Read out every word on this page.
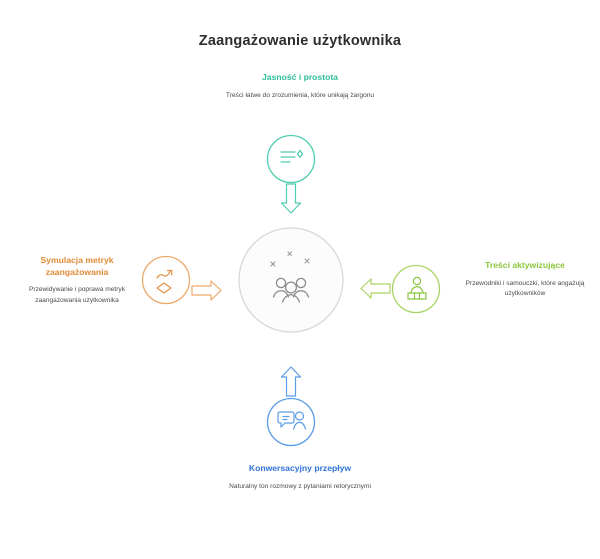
Zaangażowanie użytkownika
Jasność i prostota
Treści łatwe do zrozumienia, które unikają żargonu
Konwersacyjny przepływ
Naturalny ton rozmowy z pytaniami retorycznymi
Symulacja metryk zaangażowania
Przewidywanie i poprawa metryk zaangażowania użytkownika
Treści aktywizujące
Przewodniki i samouczki, które angażują użytkowników
